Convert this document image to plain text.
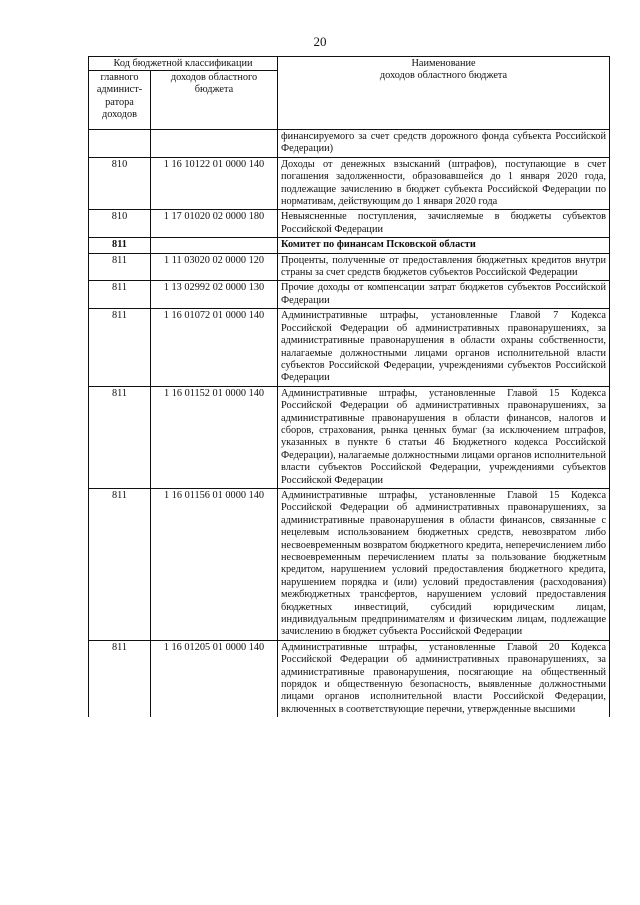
20
Код бюджетной классификации		Наименование
доходов областного бюджета

главного админист-ратора доходов	доходов областного бюджета	
		финансируемого за счет средств дорожного фонда субъекта Российской Федерации)
810	1 16 10122 01 0000 140	Доходы от денежных взысканий (штрафов), поступающие в счет погашения задолженности, образовавшейся до 1 января 2020 года, подлежащие зачислению в бюджет субъекта Российской Федерации по нормативам, действующим до 1 января 2020 года
810	1 17 01020 02 0000 180	Невыясненные поступления, зачисляемые в бюджеты субъектов Российской Федерации
811		Комитет по финансам Псковской области
811	1 11 03020 02 0000 120	Проценты, полученные от предоставления бюджетных кредитов внутри страны за счет средств бюджетов субъектов Российской Федерации
811	1 13 02992 02 0000 130	Прочие доходы от компенсации затрат бюджетов субъектов Российской Федерации
811	1 16 01072 01 0000 140	Административные штрафы, установленные Главой 7 Кодекса Российской Федерации об административных правонарушениях, за административные правонарушения в области охраны собственности, налагаемые должностными лицами органов исполнительной власти субъектов Российской Федерации, учреждениями субъектов Российской Федерации
811	1 16 01152 01 0000 140	Административные штрафы, установленные Главой 15 Кодекса Российской Федерации об административных правонарушениях, за административные правонарушения в области финансов, налогов и сборов, страхования, рынка ценных бумаг (за исключением штрафов, указанных в пункте 6 статьи 46 Бюджетного кодекса Российской Федерации), налагаемые должностными лицами органов исполнительной власти субъектов Российской Федерации, учреждениями субъектов Российской Федерации
811	1 16 01156 01 0000 140	Административные штрафы, установленные Главой 15 Кодекса Российской Федерации об административных правонарушениях, за административные правонарушения в области финансов, связанные с нецелевым использованием бюджетных средств, невозвратом либо несвоевременным возвратом бюджетного кредита, неперечислением либо несвоевременным перечислением платы за пользование бюджетным кредитом, нарушением условий предоставления бюджетного кредита, нарушением порядка и (или) условий предоставления (расходования) межбюджетных трансфертов, нарушением условий предоставления бюджетных инвестиций, субсидий юридическим лицам, индивидуальным предпринимателям и физическим лицам, подлежащие зачислению в бюджет субъекта Российской Федерации
811	1 16 01205 01 0000 140	Административные штрафы, установленные Главой 20 Кодекса Российской Федерации об административных правонарушениях, за административные правонарушения, посягающие на общественный порядок и общественную безопасность, выявленные должностными лицами органов исполнительной власти Российской Федерации, включенных в соответствующие перечни, утвержденные высшими
